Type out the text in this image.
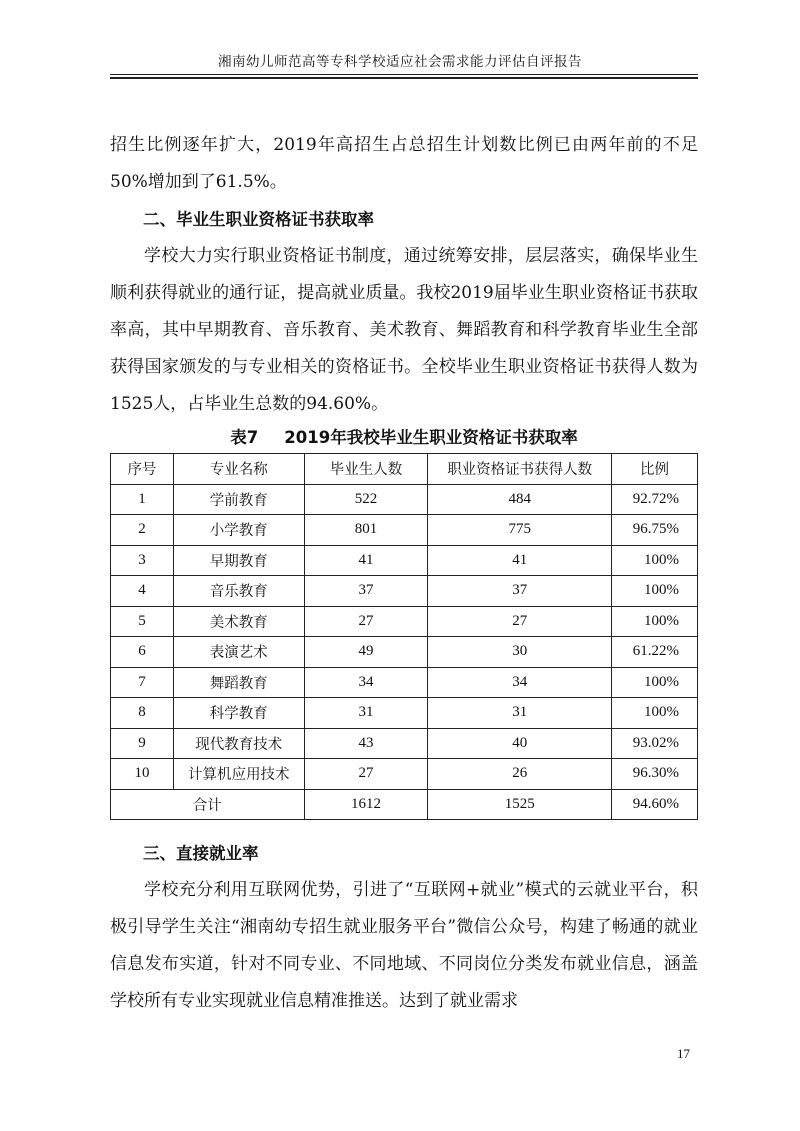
湘南幼儿师范高等专科学校适应社会需求能力评估自评报告

招生比例逐年扩大，2019年高招生占总招生计划数比例已由两年前的不足50%增加到了61.5%。

二、毕业生职业资格证书获取率

学校大力实行职业资格证书制度，通过统筹安排，层层落实，确保毕业生顺利获得就业的通行证，提高就业质量。我校2019届毕业生职业资格证书获取率高，其中早期教育、音乐教育、美术教育、舞蹈教育和科学教育毕业生全部获得国家颁发的与专业相关的资格证书。全校毕业生职业资格证书获得人数为1525人，占毕业生总数的94.60%。

表7 2019年我校毕业生职业资格证书获取率
序号	专业名称	毕业生人数	职业资格证书获得人数	比例
1	学前教育	522	484	92.72%
2	小学教育	801	775	96.75%
3	早期教育	41	41	100%
4	音乐教育	37	37	100%
5	美术教育	27	27	100%
6	表演艺术	49	30	61.22%
7	舞蹈教育	34	34	100%
8	科学教育	31	31	100%
9	现代教育技术	43	40	93.02%
10	计算机应用技术	27	26	96.30%
合计		1612	1525	94.60%
三、直接就业率

学校充分利用互联网优势，引进了“互联网+就业”模式的云就业平台，积极引导学生关注“湘南幼专招生就业服务平台”微信公众号，构建了畅通的就业信息发布实道，针对不同专业、不同地域、不同岗位分类发布就业信息，涵盖学校所有专业实现就业信息精准推送。达到了就业需求

17
